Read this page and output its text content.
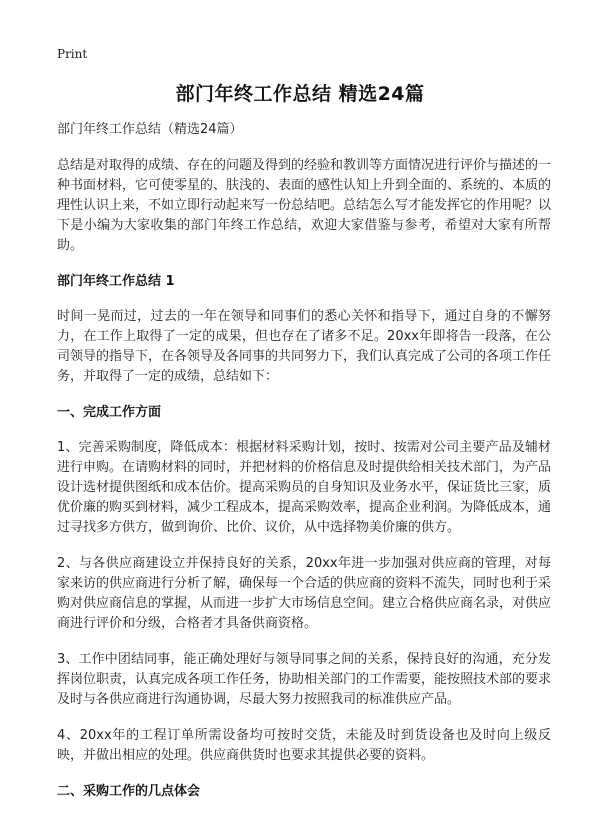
Print
部门年终工作总结 精选24篇

部门年终工作总结（精选24篇）

总结是对取得的成绩、存在的问题及得到的经验和教训等方面情况进行评价与描述的一种书面材料，它可使零星的、肤浅的、表面的感性认知上升到全面的、系统的、本质的理性认识上来，不如立即行动起来写一份总结吧。总结怎么写才能发挥它的作用呢？以下是小编为大家收集的部门年终工作总结，欢迎大家借鉴与参考，希望对大家有所帮助。

部门年终工作总结 1

时间一晃而过，过去的一年在领导和同事们的悉心关怀和指导下，通过自身的不懈努力，在工作上取得了一定的成果，但也存在了诸多不足。20xx年即将告一段落，在公司领导的指导下，在各领导及各同事的共同努力下，我们认真完成了公司的各项工作任务，并取得了一定的成绩，总结如下：

一、完成工作方面

1、完善采购制度，降低成本：根据材料采购计划，按时、按需对公司主要产品及辅材进行申购。在请购材料的同时，并把材料的价格信息及时提供给相关技术部门，为产品设计选材提供图纸和成本估价。提高采购员的自身知识及业务水平，保证货比三家，质优价廉的购买到材料，减少工程成本，提高采购效率，提高企业利润。为降低成本，通过寻找多方供方，做到询价、比价、议价，从中选择物美价廉的供方。

2、与各供应商建设立并保持良好的关系，20xx年进一步加强对供应商的管理，对每家来访的供应商进行分析了解，确保每一个合适的供应商的资料不流失，同时也利于采购对供应商信息的掌握，从而进一步扩大市场信息空间。建立合格供应商名录，对供应商进行评价和分级，合格者才具备供商资格。

3、工作中团结同事，能正确处理好与领导同事之间的关系，保持良好的沟通，充分发挥岗位职责，认真完成各项工作任务，协助相关部门的工作需要，能按照技术部的要求及时与各供应商进行沟通协调，尽最大努力按照我司的标准供应产品。

4、20xx年的工程订单所需设备均可按时交货，未能及时到货设备也及时向上级反映，并做出相应的处理。供应商供货时也要求其提供必要的资料。

二、采购工作的几点体会
